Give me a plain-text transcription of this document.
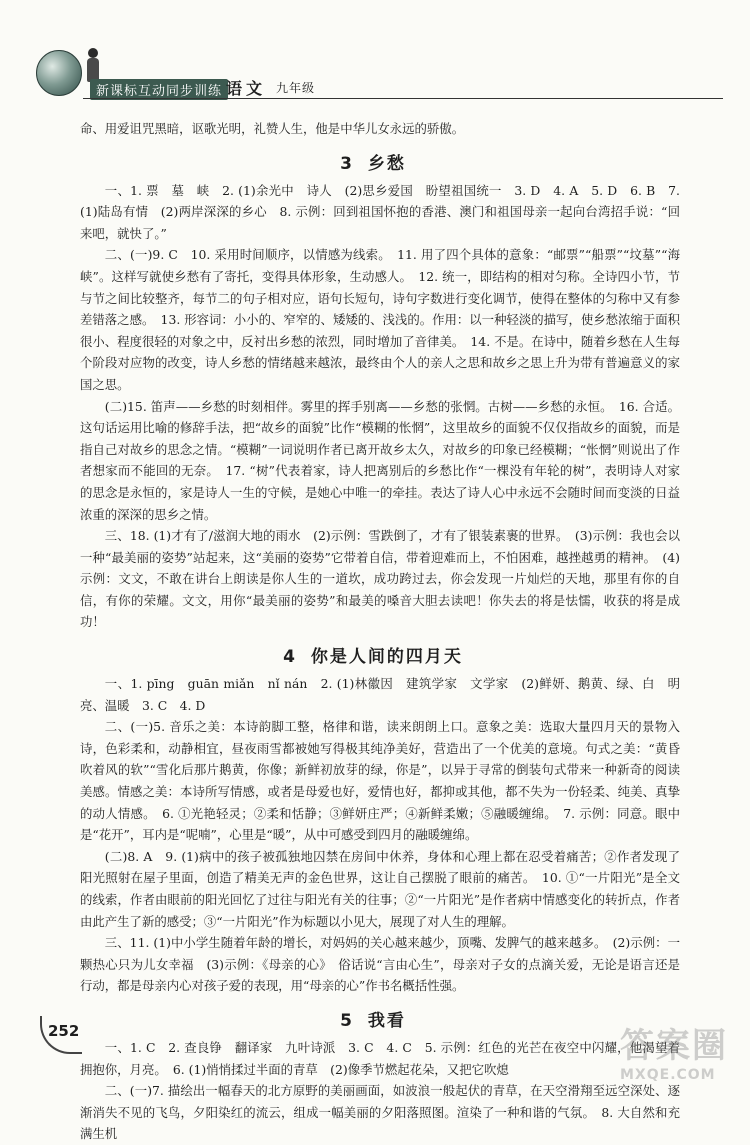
新课标互动同步训练 语文 九年级

命、用爱诅咒黑暗，讴歌光明，礼赞人生，他是中华儿女永远的骄傲。

3 乡愁

一、1. 票　墓　峡　2. (1)余光中　诗人　(2)思乡爱国　盼望祖国统一　3. D　4. A　5. D　6. B　7. (1)陆岛有情　(2)两岸深深的乡心　8. 示例：回到祖国怀抱的香港、澳门和祖国母亲一起向台湾招手说：“回来吧，就快了。”

二、(一)9. C　10. 采用时间顺序，以情感为线索。　11. 用了四个具体的意象：“邮票”“船票”“坟墓”“海峡”。这样写就使乡愁有了寄托，变得具体形象，生动感人。　12. 统一，即结构的相对匀称。全诗四小节，节与节之间比较整齐，每节二的句子相对应，语句长短句，诗句字数进行变化调节，使得在整体的匀称中又有参差错落之感。　13. 形容词：小小的、窄窄的、矮矮的、浅浅的。作用：以一种轻淡的描写，使乡愁浓缩于面积很小、程度很轻的对象之中，反衬出乡愁的浓烈，同时增加了音律美。　14. 不是。在诗中，随着乡愁在人生每个阶段对应物的改变，诗人乡愁的情绪越来越浓，最终由个人的亲人之思和故乡之思上升为带有普遍意义的家国之思。

(二)15. 笛声——乡愁的时刻相伴。雾里的挥手别离——乡愁的张惘。古树——乡愁的永恒。　16. 合适。这句话运用比喻的修辞手法，把“故乡的面貌”比作“模糊的怅惘”，这里故乡的面貌不仅仅指故乡的面貌，而是指自己对故乡的思念之情。“模糊”一词说明作者已离开故乡太久，对故乡的印象已经模糊；“怅惘”则说出了作者想家而不能回的无奈。　17. “树”代表着家，诗人把离别后的乡愁比作“一棵没有年轮的树”，表明诗人对家的思念是永恒的，家是诗人一生的守候，是她心中唯一的牵挂。表达了诗人心中永远不会随时间而变淡的日益浓重的深深的思乡之情。

三、18. (1)才有了/滋润大地的雨水　(2)示例：雪跌倒了，才有了银装素裹的世界。　(3)示例：我也会以一种“最美丽的姿势”站起来，这“美丽的姿势”它带着自信，带着迎难而上，不怕困难，越挫越勇的精神。　(4)示例：文文，不敢在讲台上朗读是你人生的一道坎，成功跨过去，你会发现一片灿烂的天地，那里有你的自信，有你的荣耀。文文，用你“最美丽的姿势”和最美的嗓音大胆去读吧！你失去的将是怯懦，收获的将是成功！

4 你是人间的四月天

一、1. pīng　guān miǎn　nǐ nán　2. (1)林徽因　建筑学家　文学家　(2)鲜妍、鹅黄、绿、白　明亮、温暖　3. C　4. D

二、(一)5. 音乐之美：本诗韵脚工整，格律和谐，读来朗朗上口。意象之美：选取大量四月天的景物入诗，色彩柔和，动静相宜，昼夜雨雪都被她写得极其纯净美好，营造出了一个优美的意境。句式之美：“黄昏吹着风的软”“雪化后那片鹅黄，你像；新鲜初放芽的绿，你是”，以异于寻常的倒装句式带来一种新奇的阅读美感。情感之美：本诗所写情感，或者是母爱也好，爱情也好，都抑或其他，都不失为一份轻柔、纯美、真挚的动人情感。　6. ①光艳轻灵；②柔和恬静；③鲜妍庄严；④新鲜柔嫩；⑤融暖缠绵。　7. 示例：同意。眼中是“花开”，耳内是“呢喃”，心里是“暖”，从中可感受到四月的融暖缠绵。

(二)8. A　9. (1)病中的孩子被孤独地囚禁在房间中休养，身体和心理上都在忍受着痛苦；②作者发现了阳光照射在屋子里面，创造了精美无声的金色世界，这让自己摆脱了眼前的痛苦。　10. ①“一片阳光”是全文的线索，作者由眼前的阳光回忆了过往与阳光有关的往事；②“一片阳光”是作者病中情感变化的转折点，作者由此产生了新的感受；③“一片阳光”作为标题以小见大，展现了对人生的理解。

三、11. (1)中小学生随着年龄的增长，对妈妈的关心越来越少，顶嘴、发脾气的越来越多。　(2)示例：一颗热心只为儿女幸福　(3)示例：《母亲的心》　俗话说“言由心生”，母亲对子女的点滴关爱，无论是语言还是行动，都是母亲内心对孩子爱的表现，用“母亲的心”作书名概括性强。

5 我看

一、1. C　2. 查良铮　翻译家　九叶诗派　3. C　4. C　5. 示例：红色的光芒在夜空中闪耀，他渴望着拥抱你，月亮。　6. (1)悄悄揉过半面的青草　(2)像季节燃起花朵，又把它吹熄

二、(一)7. 描绘出一幅春天的北方原野的美丽画面，如波浪一般起伏的青草，在天空滑翔至远空深处、逐渐消失不见的飞鸟，夕阳染红的流云，组成一幅美丽的夕阳落照图。渲染了一种和谐的气氛。　8. 大自然和充满生机

252	答案圈
MXQE.COM
